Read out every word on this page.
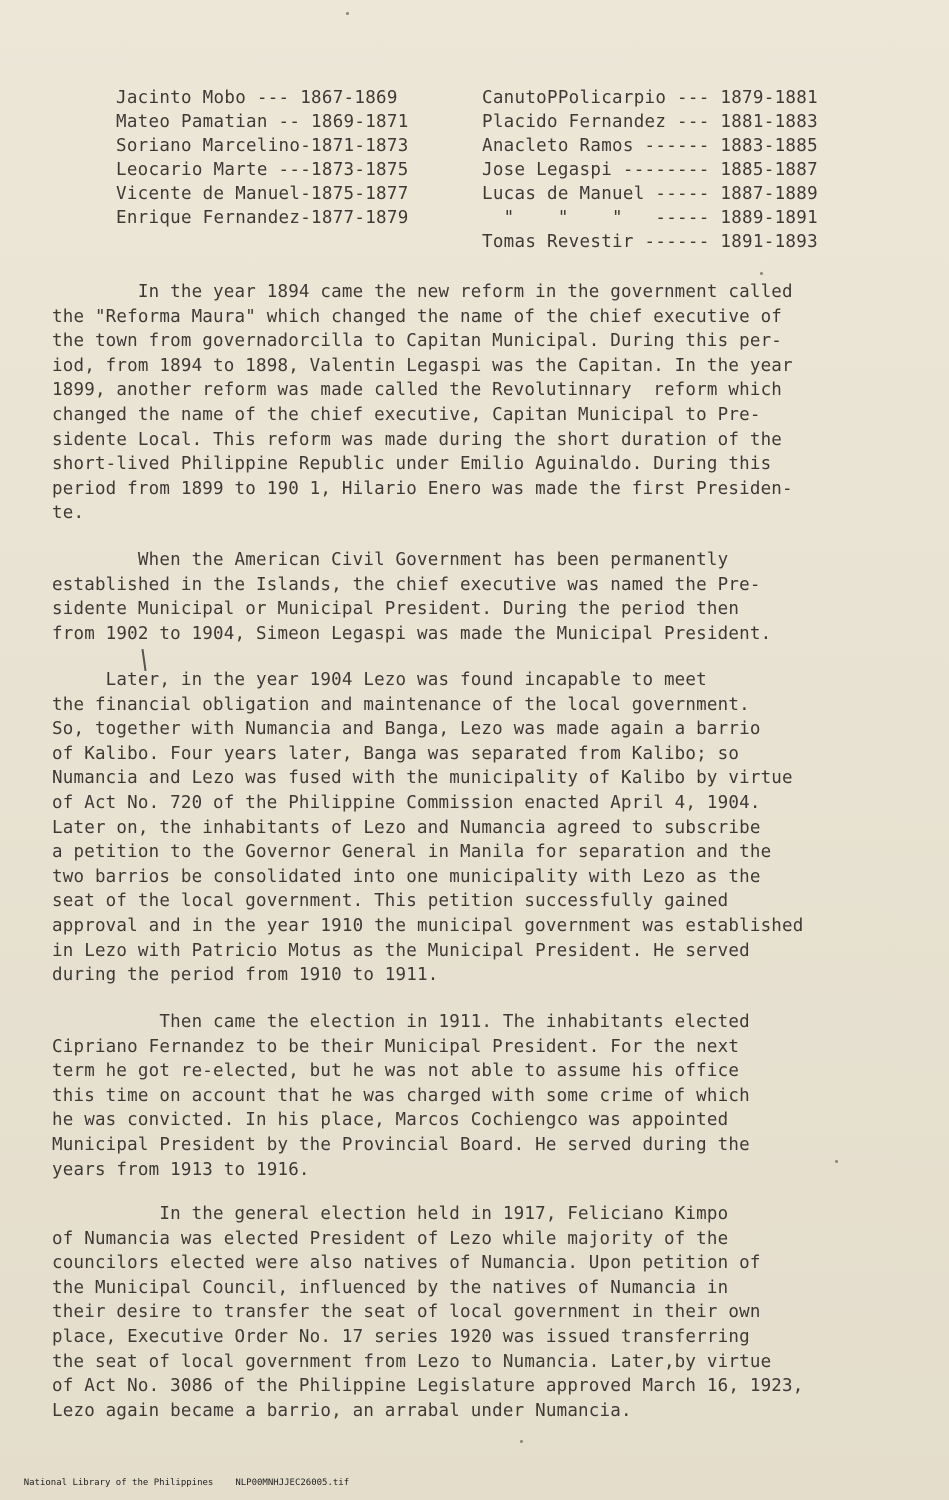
Jacinto Mobo --- 1867-1869
Mateo Pamatian -- 1869-1871
Soriano Marcelino-1871-1873
Leocario Marte ---1873-1875
Vicente de Manuel-1875-1877
Enrique Fernandez-1877-1879
CanutoPPolicarpio --- 1879-1881
Placido Fernandez --- 1881-1883
Anacleto Ramos ------ 1883-1885
Jose Legaspi -------- 1885-1887
Lucas de Manuel ----- 1887-1889
"    "    "   ----- 1889-1891
Tomas Revestir ------ 1891-1893
In the year 1894 came the new reform in the government called
the "Reforma Maura" which changed the name of the chief executive of
the town from governadorcilla to Capitan Municipal. During this per-
iod, from 1894 to 1898, Valentin Legaspi was the Capitan. In the year
1899, another reform was made called the Revolutinnary  reform which
changed the name of the chief executive, Capitan Municipal to Pre-
sidente Local. This reform was made during the short duration of the
short-lived Philippine Republic under Emilio Aguinaldo. During this
period from 1899 to 190 1, Hilario Enero was made the first Presiden-
te.
When the American Civil Government has been permanently
established in the Islands, the chief executive was named the Pre-
sidente Municipal or Municipal President. During the period then
from 1902 to 1904, Simeon Legaspi was made the Municipal President.
Later, in the year 1904 Lezo was found incapable to meet
the financial obligation and maintenance of the local government.
So, together with Numancia and Banga, Lezo was made again a barrio
of Kalibo. Four years later, Banga was separated from Kalibo; so
Numancia and Lezo was fused with the municipality of Kalibo by virtue
of Act No. 720 of the Philippine Commission enacted April 4, 1904.
Later on, the inhabitants of Lezo and Numancia agreed to subscribe
a petition to the Governor General in Manila for separation and the
two barrios be consolidated into one municipality with Lezo as the
seat of the local government. This petition successfully gained
approval and in the year 1910 the municipal government was established
in Lezo with Patricio Motus as the Municipal President. He served
during the period from 1910 to 1911.
Then came the election in 1911. The inhabitants elected
Cipriano Fernandez to be their Municipal President. For the next
term he got re-elected, but he was not able to assume his office
this time on account that he was charged with some crime of which
he was convicted. In his place, Marcos Cochiengco was appointed
Municipal President by the Provincial Board. He served during the
years from 1913 to 1916.
In the general election held in 1917, Feliciano Kimpo
of Numancia was elected President of Lezo while majority of the
councilors elected were also natives of Numancia. Upon petition of
the Municipal Council, influenced by the natives of Numancia in
their desire to transfer the seat of local government in their own
place, Executive Order No. 17 series 1920 was issued transferring
the seat of local government from Lezo to Numancia. Later,by virtue
of Act No. 3086 of the Philippine Legislature approved March 16, 1923,
Lezo again became a barrio, an arrabal under Numancia.

National Library of the Philippines NLP00MNHJJEC26005.tif
